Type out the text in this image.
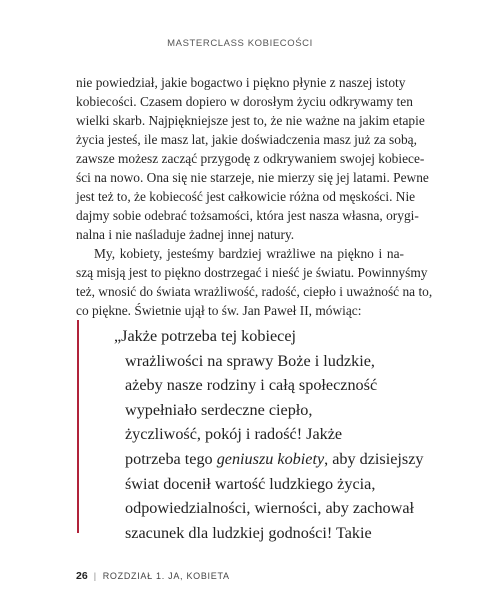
MASTERCLASS KOBIECOŚCI
nie powiedział, jakie bogactwo i piękno płynie z naszej istoty
kobiecości. Czasem dopiero w dorosłym życiu odkrywamy ten
wielki skarb. Najpiękniejsze jest to, że nie ważne na jakim etapie
życia jesteś, ile masz lat, jakie doświadczenia masz już za sobą,
zawsze możesz zacząć przygodę z odkrywaniem swojej kobiece-
ści na nowo. Ona się nie starzeje, nie mierzy się jej latami. Pewne
jest też to, że kobiecość jest całkowicie różna od męskości. Nie
dajmy sobie odebrać tożsamości, która jest nasza własna, orygi-
nalna i nie naśladuje żadnej innej natury.
My, kobiety, jesteśmy bardziej wrażliwe na piękno i na-
szą misją jest to piękno dostrzegać i nieść je światu. Powinnyśmy
też, wnosić do świata wrażliwość, radość, ciepło i uważność na to,
co piękne. Świetnie ujął to św. Jan Paweł II, mówiąc:
„Jakże potrzeba tej kobiecej
wrażliwości na sprawy Boże i ludzkie,
ażeby nasze rodziny i całą społeczność
wypełniało serdeczne ciepło,
życzliwość, pokój i radość! Jakże
potrzeba tego geniuszu kobiety, aby dzisiejszy
świat docenił wartość ludzkiego życia,
odpowiedzialności, wierności, aby zachował
szacunek dla ludzkiej godności! Takie
26 | ROZDZIAŁ 1. JA, KOBIETA
